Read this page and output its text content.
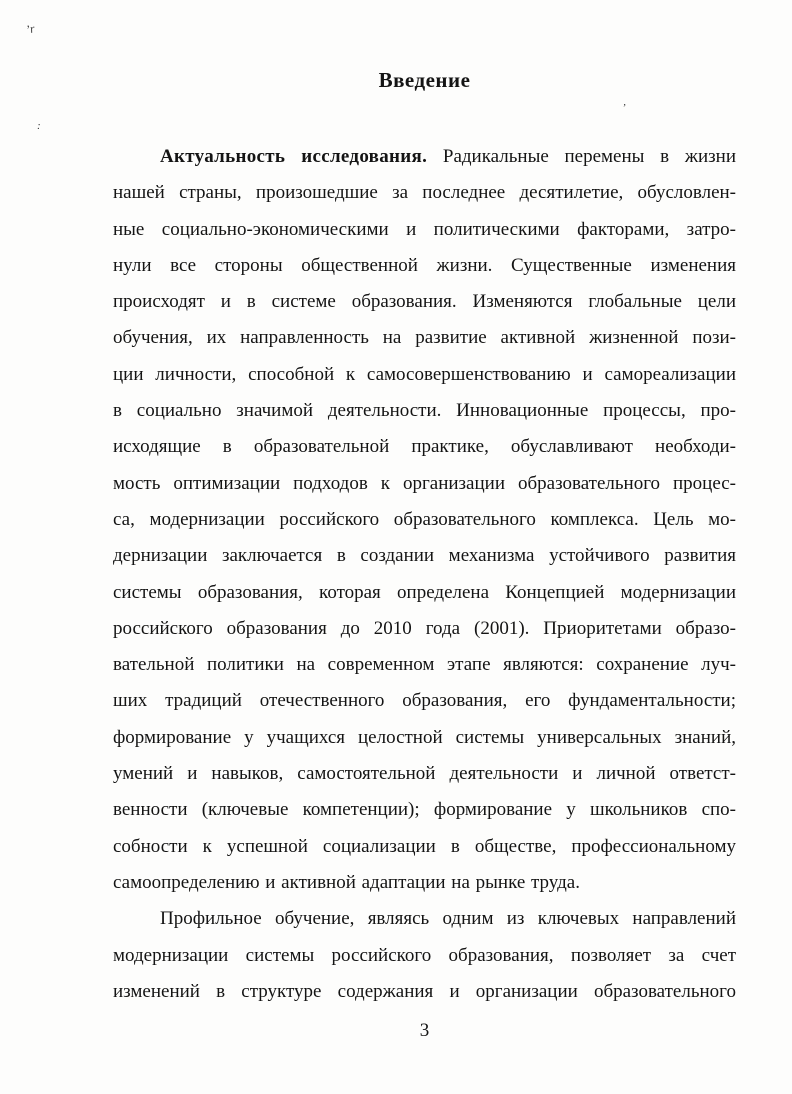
ʼr
:
’
Введение
Актуальность исследования. Радикальные перемены в жизни
нашей страны, произошедшие за последнее десятилетие, обусловлен-
ные социально-экономическими и политическими факторами, затро-
нули все стороны общественной жизни. Существенные изменения
происходят и в системе образования. Изменяются глобальные цели
обучения, их направленность на развитие активной жизненной пози-
ции личности, способной к самосовершенствованию и самореализации
в социально значимой деятельности. Инновационные процессы, про-
исходящие в образовательной практике, обуславливают необходи-
мость оптимизации подходов к организации образовательного процес-
са, модернизации российского образовательного комплекса. Цель мо-
дернизации заключается в создании механизма устойчивого развития
системы образования, которая определена Концепцией модернизации
российского образования до 2010 года (2001). Приоритетами образо-
вательной политики на современном этапе являются: сохранение луч-
ших традиций отечественного образования, его фундаментальности;
формирование у учащихся целостной системы универсальных знаний,
умений и навыков, самостоятельной деятельности и личной ответст-
венности (ключевые компетенции); формирование у школьников спо-
собности к успешной социализации в обществе, профессиональному
самоопределению и активной адаптации на рынке труда.
Профильное обучение, являясь одним из ключевых направлений
модернизации системы российского образования, позволяет за счет
изменений в структуре содержания и организации образовательного
3
